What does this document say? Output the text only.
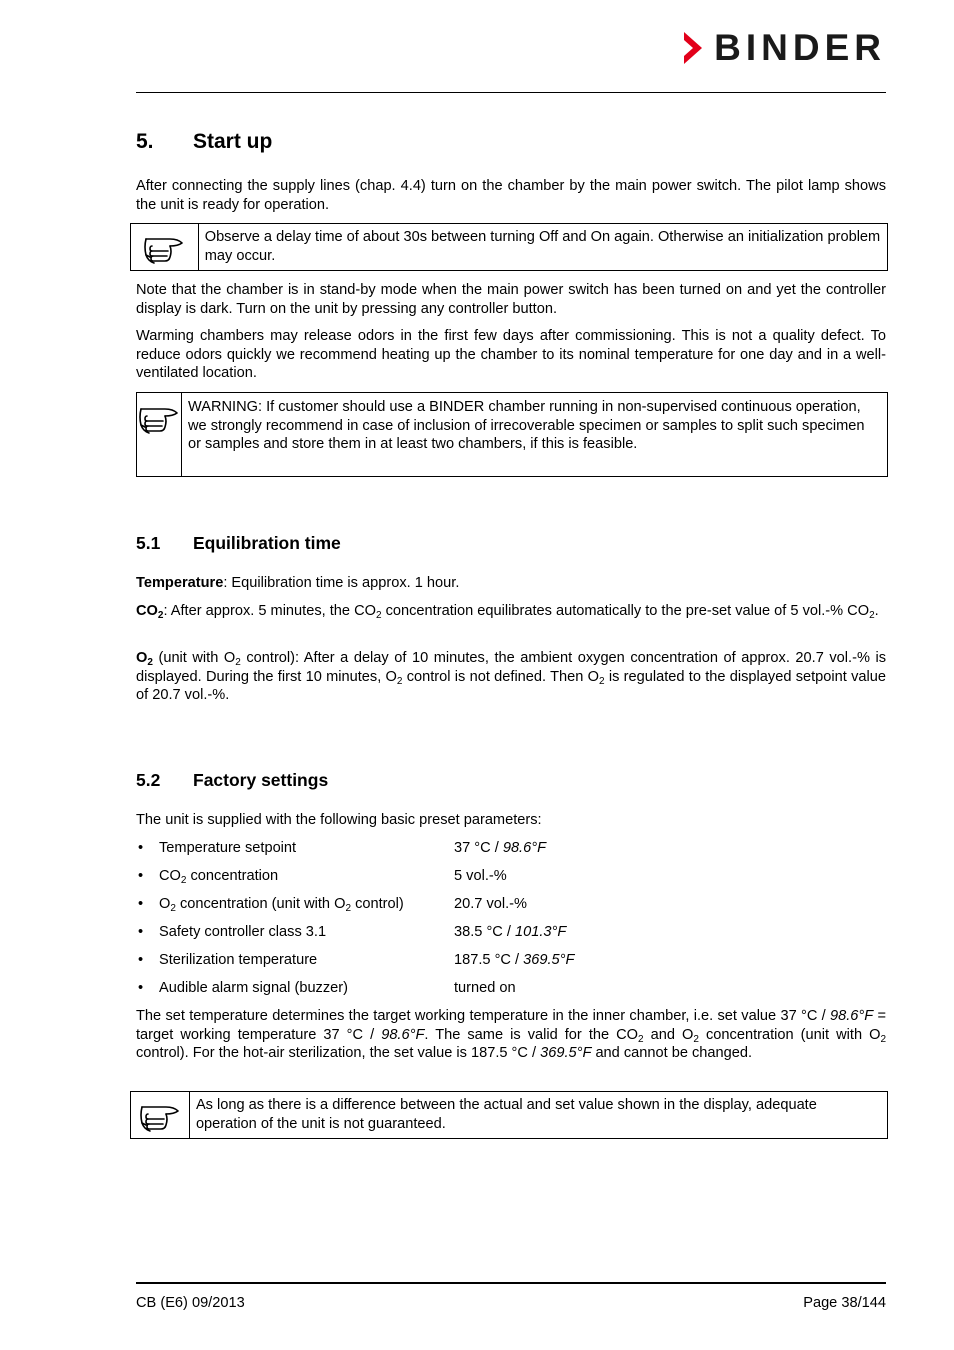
BINDER
5. Start up

After connecting the supply lines (chap. 4.4) turn on the chamber by the main power switch. The pilot lamp shows the unit is ready for operation.

Observe a delay time of about 30s between turning Off and On again. Otherwise an initialization problem may occur.

Note that the chamber is in stand-by mode when the main power switch has been turned on and yet the controller display is dark. Turn on the unit by pressing any controller button.

Warming chambers may release odors in the first few days after commissioning. This is not a quality defect. To reduce odors quickly we recommend heating up the chamber to its nominal temperature for one day and in a well-ventilated location.

WARNING: If customer should use a BINDER chamber running in non-supervised continuous operation, we strongly recommend in case of inclusion of irrecoverable specimen or samples to split such specimen or samples and store them in at least two chambers, if this is feasible.
5.1 Equilibration time

Temperature: Equilibration time is approx. 1 hour.

$CO_2$: After approx. 5 minutes, the $CO_2$ concentration equilibrates automatically to the pre-set value of 5 vol.-% $CO_2$.

$O_2$ (unit with $O_2$ control): After a delay of 10 minutes, the ambient oxygen concentration of approx. 20.7 vol.-% is displayed. During the first 10 minutes, $O_2$ control is not defined. Then $O_2$ is regulated to the displayed setpoint value of 20.7 vol.-%.

5.2 Factory settings

The unit is supplied with the following basic preset parameters:

•	Temperature setpoint	37 °C / 98.6°F
•	$CO_2$ concentration	5 vol.-%
•	$O_2$ concentration (unit with $O_2$ control)	20.7 vol.-%
•	Safety controller class 3.1	38.5 °C / 101.3°F
•	Sterilization temperature	187.5 °C / 369.5°F
•	Audible alarm signal (buzzer)	turned on

The set temperature determines the target working temperature in the inner chamber, i.e. set value 37 °C / 98.6°F = target working temperature 37 °C / 98.6°F. The same is valid for the $CO_2$ and $O_2$ concentration (unit with $O_2$ control). For the hot-air sterilization, the set value is 187.5 °C / 369.5°F and cannot be changed.

As long as there is a difference between the actual and set value shown in the display, adequate operation of the unit is not guaranteed.
CB (E6) 09/2013	Page 38/144
